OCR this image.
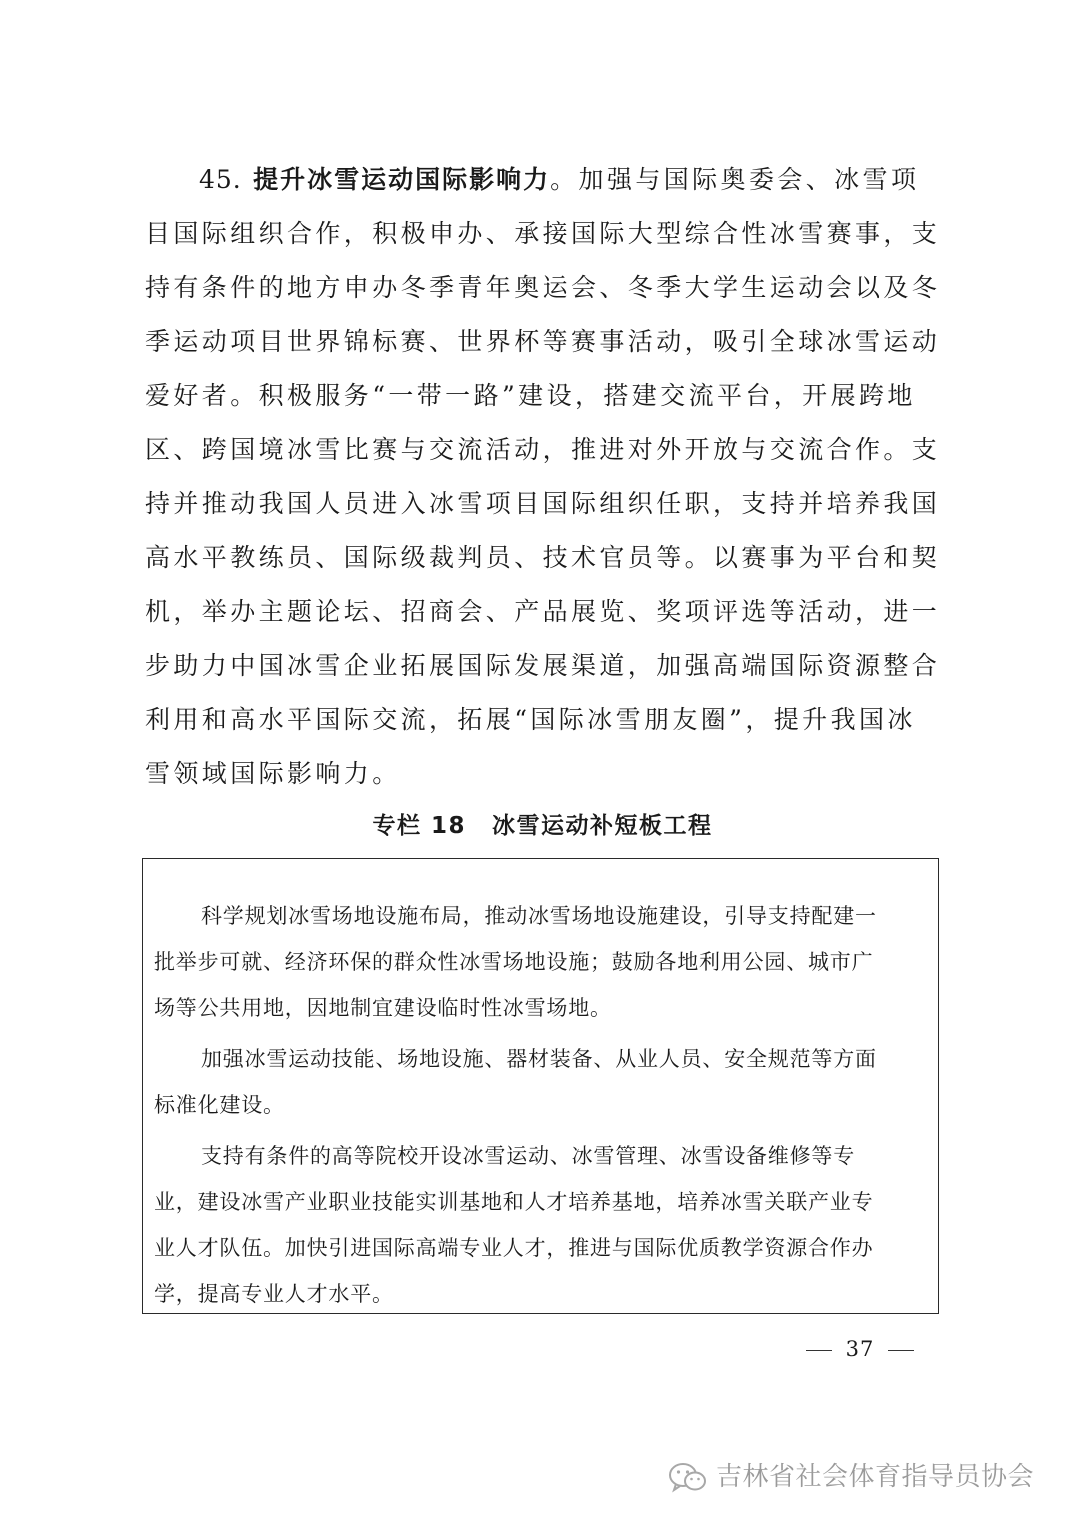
45. 提升冰雪运动国际影响力。加强与国际奥委会、冰雪项
目国际组织合作，积极申办、承接国际大型综合性冰雪赛事，支
持有条件的地方申办冬季青年奥运会、冬季大学生运动会以及冬
季运动项目世界锦标赛、世界杯等赛事活动，吸引全球冰雪运动
爱好者。积极服务“一带一路”建设，搭建交流平台，开展跨地
区、跨国境冰雪比赛与交流活动，推进对外开放与交流合作。支
持并推动我国人员进入冰雪项目国际组织任职，支持并培养我国
高水平教练员、国际级裁判员、技术官员等。以赛事为平台和契
机，举办主题论坛、招商会、产品展览、奖项评选等活动，进一
步助力中国冰雪企业拓展国际发展渠道，加强高端国际资源整合
利用和高水平国际交流，拓展“国际冰雪朋友圈”，提升我国冰
雪领域国际影响力。
专栏 18 冰雪运动补短板工程
科学规划冰雪场地设施布局，推动冰雪场地设施建设，引导支持配建一
批举步可就、经济环保的群众性冰雪场地设施；鼓励各地利用公园、城市广
场等公共用地，因地制宜建设临时性冰雪场地。
加强冰雪运动技能、场地设施、器材装备、从业人员、安全规范等方面
标准化建设。
支持有条件的高等院校开设冰雪运动、冰雪管理、冰雪设备维修等专
业，建设冰雪产业职业技能实训基地和人才培养基地，培养冰雪关联产业专
业人才队伍。加快引进国际高端专业人才，推进与国际优质教学资源合作办
学，提高专业人才水平。
37
吉林省社会体育指导员协会
